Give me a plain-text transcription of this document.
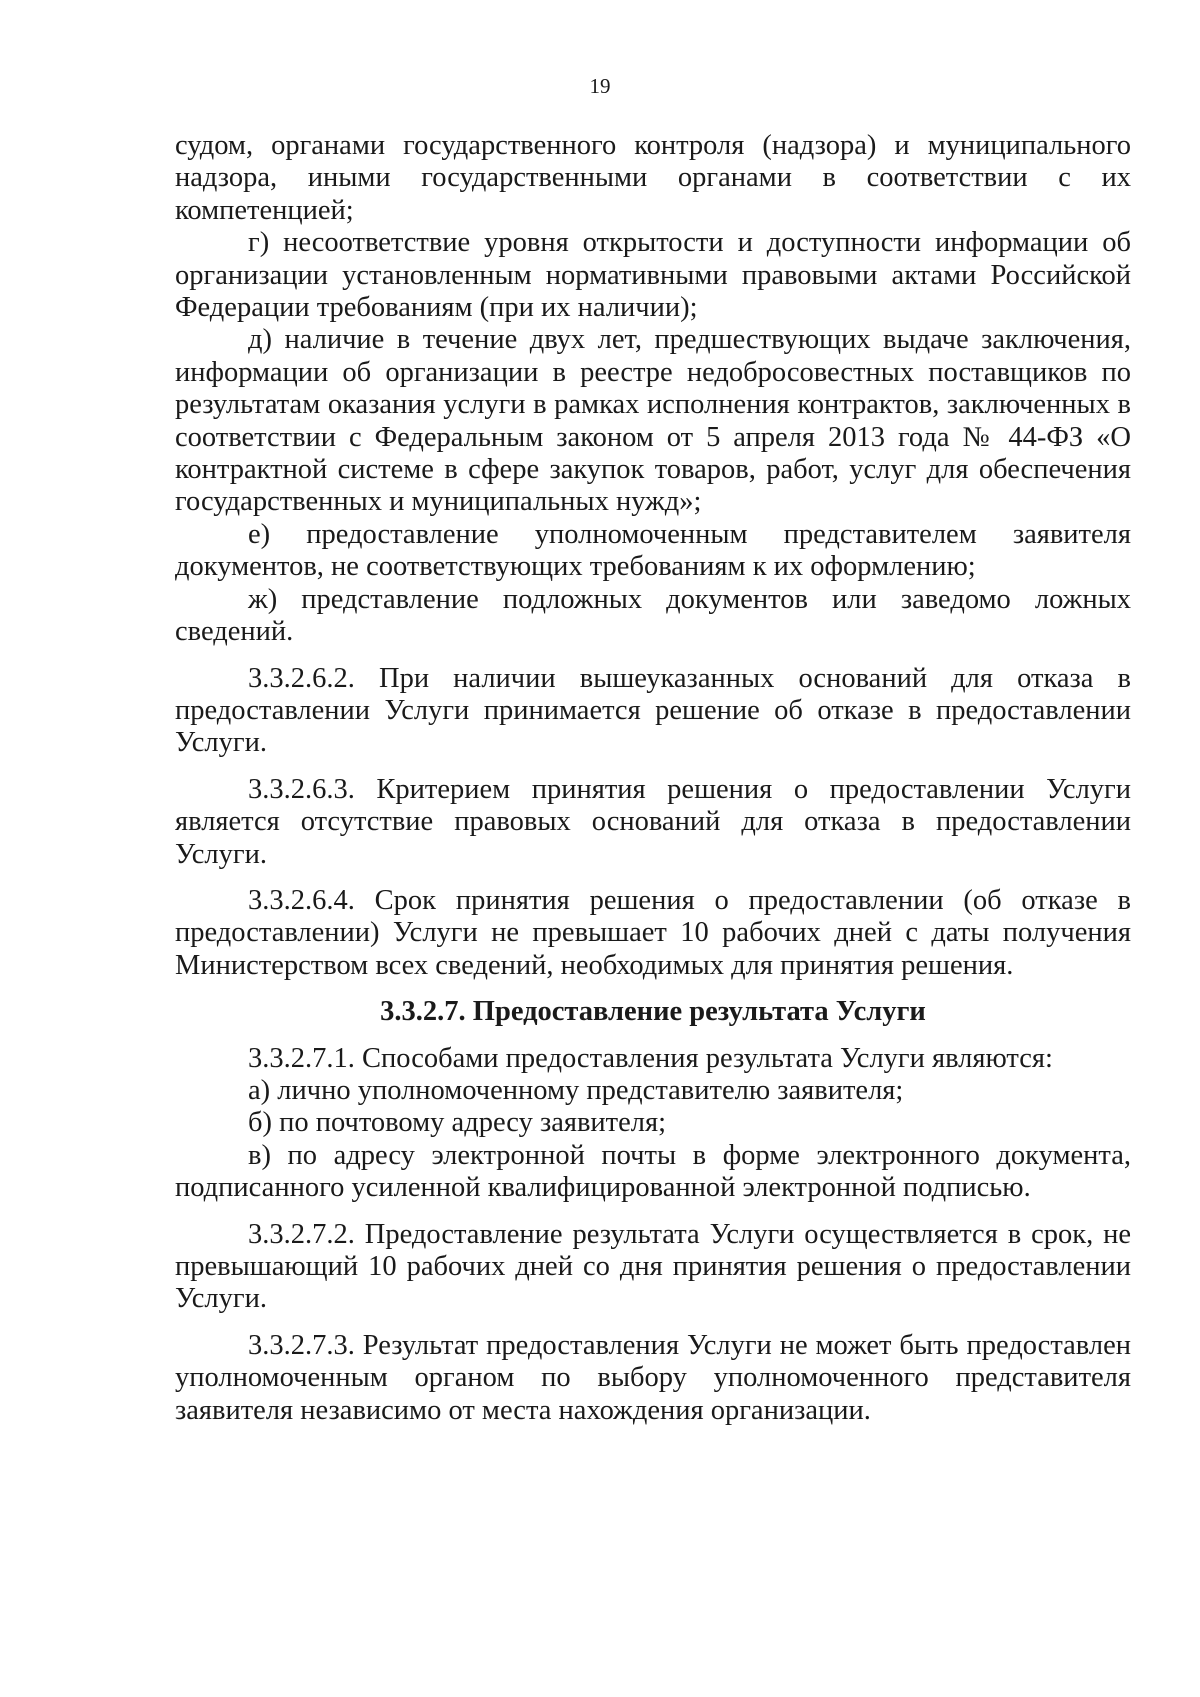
19

судом, органами государственного контроля (надзора) и муниципального надзора, иными государственными органами в соответствии с их компетенцией;

г) несоответствие уровня открытости и доступности информации об организации установленным нормативными правовыми актами Российской Федерации требованиям (при их наличии);

д) наличие в течение двух лет, предшествующих выдаче заключения, информации об организации в реестре недобросовестных поставщиков по результатам оказания услуги в рамках исполнения контрактов, заключенных в соответствии с Федеральным законом от 5 апреля 2013 года № 44-ФЗ «О контрактной системе в сфере закупок товаров, работ, услуг для обеспечения государственных и муниципальных нужд»;

е) предоставление уполномоченным представителем заявителя документов, не соответствующих требованиям к их оформлению;

ж) представление подложных документов или заведомо ложных сведений.

3.3.2.6.2. При наличии вышеуказанных оснований для отказа в предоставлении Услуги принимается решение об отказе в предоставлении Услуги.

3.3.2.6.3. Критерием принятия решения о предоставлении Услуги является отсутствие правовых оснований для отказа в предоставлении Услуги.

3.3.2.6.4. Срок принятия решения о предоставлении (об отказе в предоставлении) Услуги не превышает 10 рабочих дней с даты получения Министерством всех сведений, необходимых для принятия решения.

3.3.2.7. Предоставление результата Услуги

3.3.2.7.1. Способами предоставления результата Услуги являются:

а) лично уполномоченному представителю заявителя;

б) по почтовому адресу заявителя;

в) по адресу электронной почты в форме электронного документа, подписанного усиленной квалифицированной электронной подписью.

3.3.2.7.2. Предоставление результата Услуги осуществляется в срок, не превышающий 10 рабочих дней со дня принятия решения о предоставлении Услуги.

3.3.2.7.3. Результат предоставления Услуги не может быть предоставлен уполномоченным органом по выбору уполномоченного представителя заявителя независимо от места нахождения организации.
